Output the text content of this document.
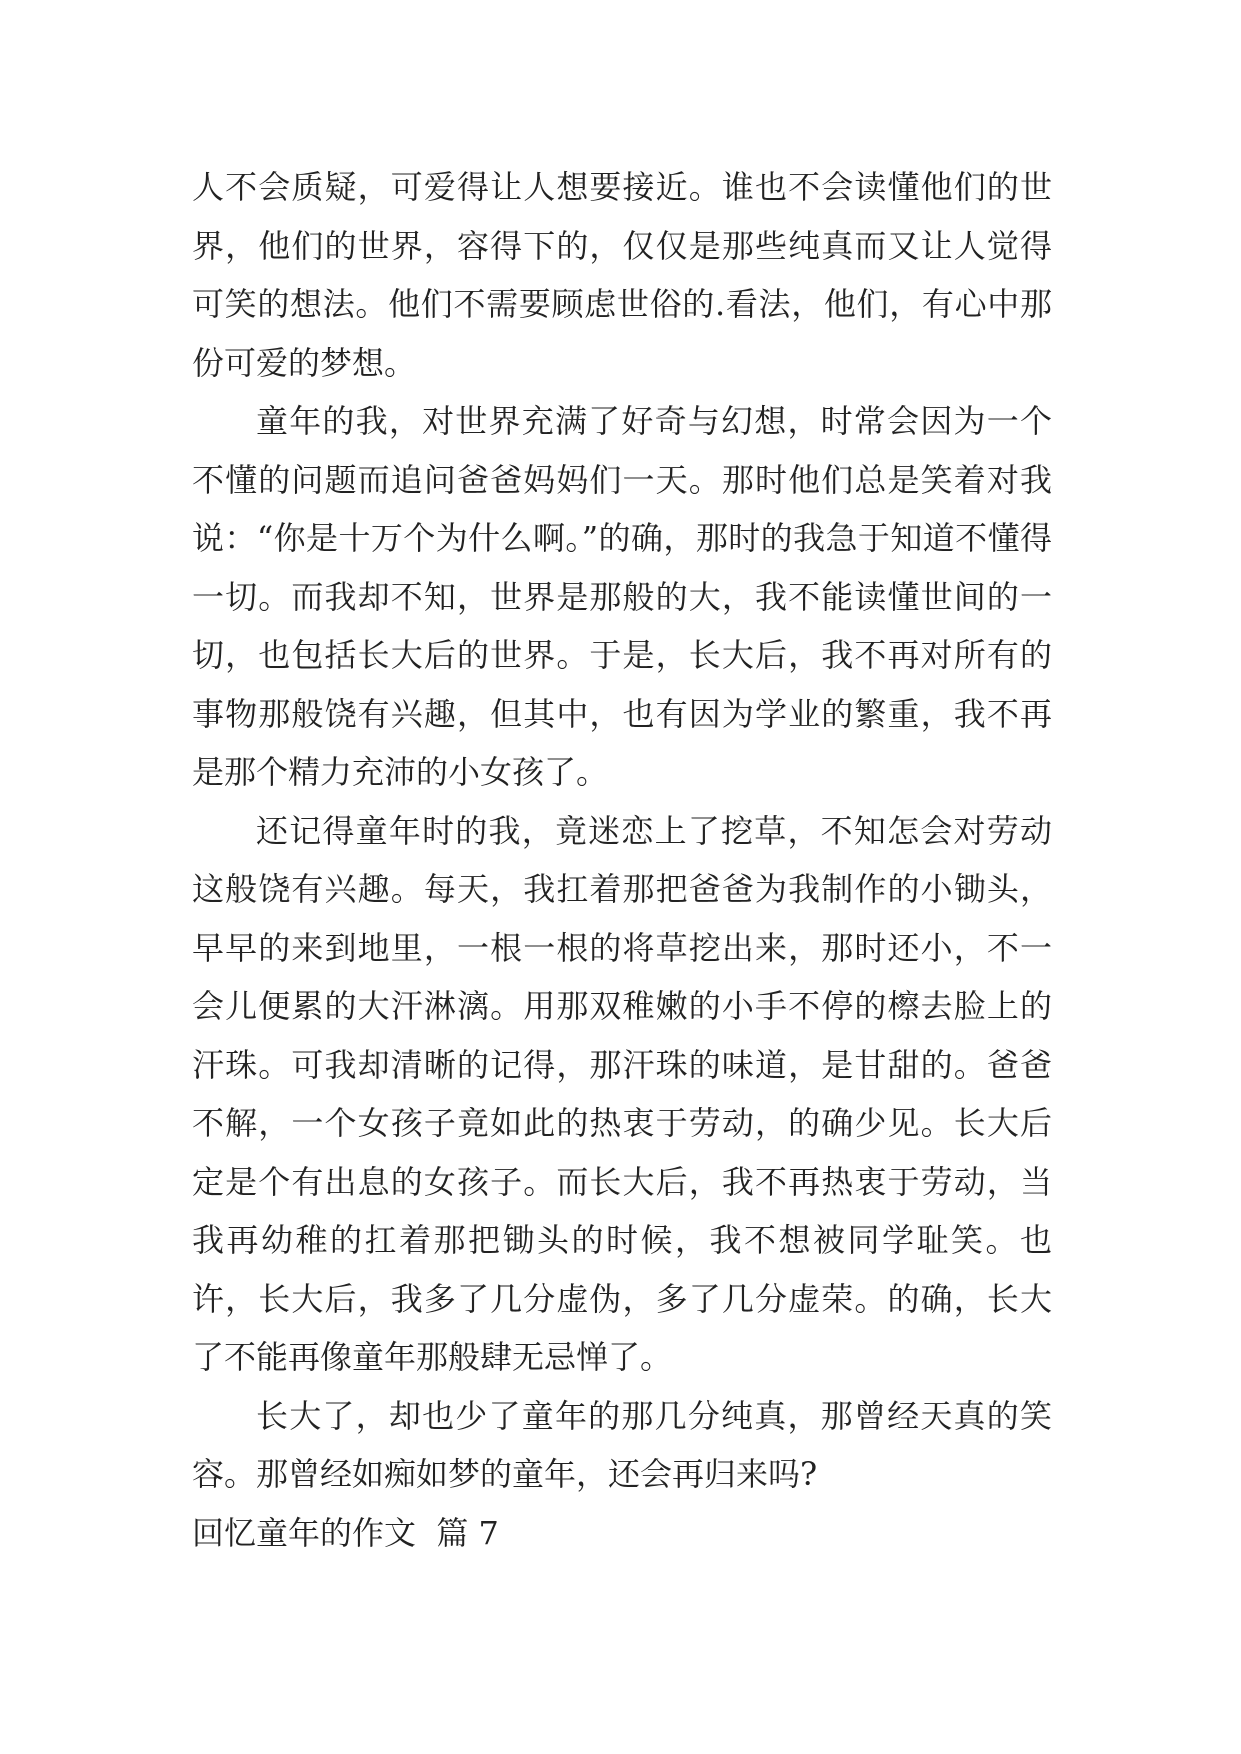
人不会质疑，可爱得让人想要接近。谁也不会读懂他们的世界，他们的世界，容得下的，仅仅是那些纯真而又让人觉得可笑的想法。他们不需要顾虑世俗的.看法，他们，有心中那份可爱的梦想。

童年的我，对世界充满了好奇与幻想，时常会因为一个不懂的问题而追问爸爸妈妈们一天。那时他们总是笑着对我说：“你是十万个为什么啊。”的确，那时的我急于知道不懂得一切。而我却不知，世界是那般的大，我不能读懂世间的一切，也包括长大后的世界。于是，长大后，我不再对所有的事物那般饶有兴趣，但其中，也有因为学业的繁重，我不再是那个精力充沛的小女孩了。

还记得童年时的我，竟迷恋上了挖草，不知怎会对劳动这般饶有兴趣。每天，我扛着那把爸爸为我制作的小锄头，早早的来到地里，一根一根的将草挖出来，那时还小，不一会儿便累的大汗淋漓。用那双稚嫩的小手不停的檫去脸上的汗珠。可我却清晰的记得，那汗珠的味道，是甘甜的。爸爸不解，一个女孩子竟如此的热衷于劳动，的确少见。长大后定是个有出息的女孩子。而长大后，我不再热衷于劳动，当我再幼稚的扛着那把锄头的时候，我不想被同学耻笑。也许，长大后，我多了几分虚伪，多了几分虚荣。的确，长大了不能再像童年那般肆无忌惮了。

长大了，却也少了童年的那几分纯真，那曾经天真的笑容。那曾经如痴如梦的童年，还会再归来吗?

回忆童年的作文  篇 7
